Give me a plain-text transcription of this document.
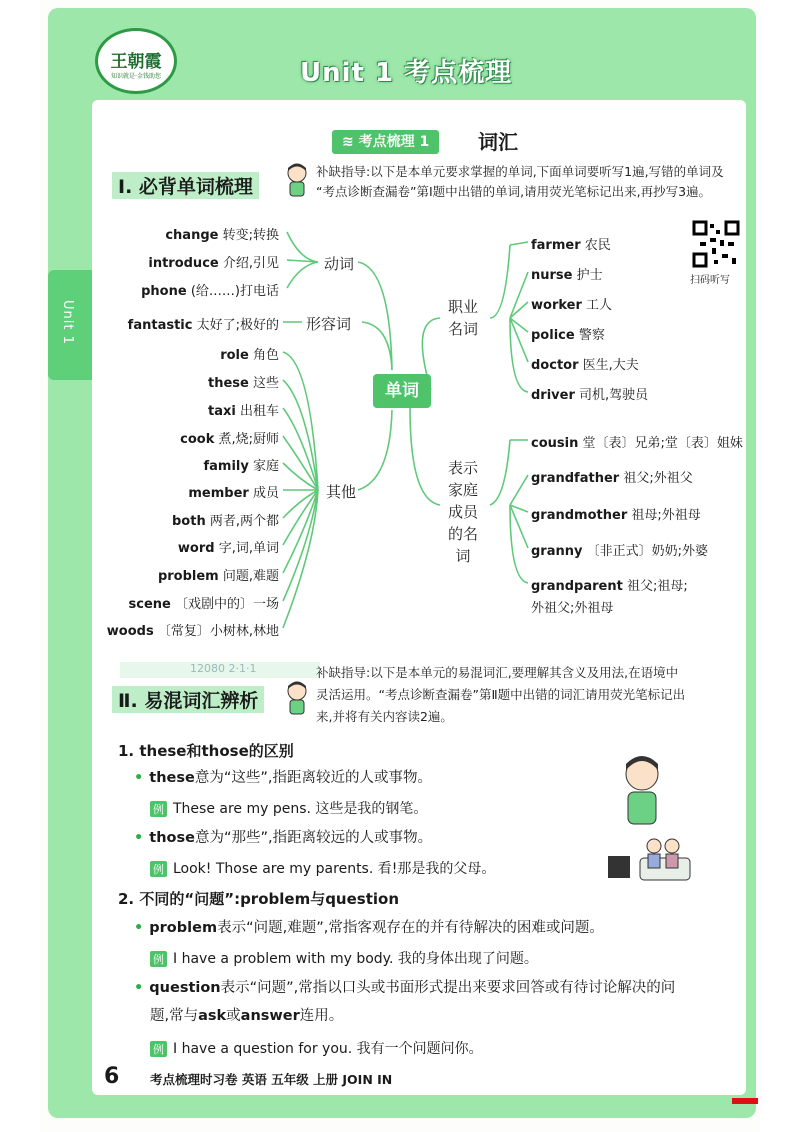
Unit 1
王朝霞
知识就是·金钱助您	Unit 1 考点梳理
≋ 考点梳理 1	词汇
Ⅰ. 必背单词梳理
补缺指导:以下是本单元要求掌握的单词,下面单词要听写1遍,写错的单词及
“考点诊断查漏卷”第Ⅰ题中出错的单词,请用荧光笔标记出来,再抄写3遍。
扫码听写
单词
动词
形容词
其他
职业
名词
表示
家庭
成员
的名
词
change 转变;转换
introduce 介绍,引见
phone (给……)打电话
fantastic 太好了;极好的
role 角色
these 这些
taxi 出租车
cook 煮,烧;厨师
family 家庭
member 成员
both 两者,两个都
word 字,词,单词
problem 问题,难题
scene 〔戏剧中的〕一场
woods 〔常复〕小树林,林地
farmer 农民
nurse 护士
worker 工人
police 警察
doctor 医生,大夫
driver 司机,驾驶员
cousin 堂〔表〕兄弟;堂〔表〕姐妹
grandfather 祖父;外祖父
grandmother 祖母;外祖母
granny 〔非正式〕奶奶;外婆
grandparent 祖父;祖母;
外祖父;外祖母
12080 2·1·1
Ⅱ. 易混词汇辨析
补缺指导:以下是本单元的易混词汇,要理解其含义及用法,在语境中
灵活运用。“考点诊断查漏卷”第Ⅱ题中出错的词汇请用荧光笔标记出
来,并将有关内容读2遍。
1. these和those的区别
• these意为“这些”,指距离较近的人或事物。
例 These are my pens. 这些是我的钢笔。
• those意为“那些”,指距离较远的人或事物。
例 Look! Those are my parents. 看!那是我的父母。
2. 不同的“问题”:problem与question
• problem表示“问题,难题”,常指客观存在的并有待解决的困难或问题。
例 I have a problem with my body. 我的身体出现了问题。
• question表示“问题”,常指以口头或书面形式提出来要求回答或有待讨论解决的问
题,常与ask或answer连用。
例 I have a question for you. 我有一个问题问你。
6 考点梳理时习卷 英语 五年级 上册 JOIN IN
